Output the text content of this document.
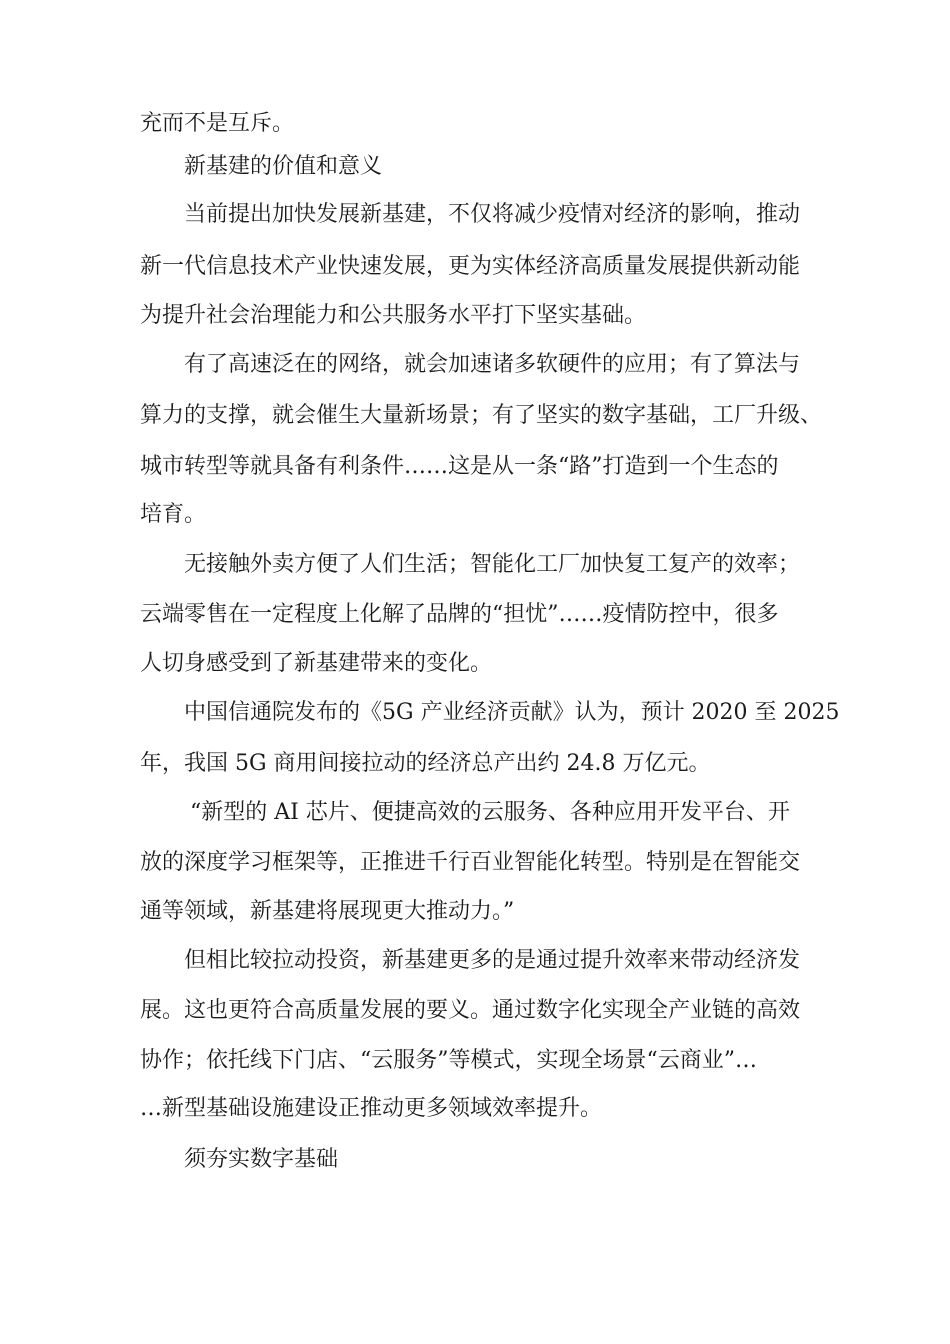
充而不是互斥。
新基建的价值和意义
当前提出加快发展新基建，不仅将减少疫情对经济的影响，推动
新一代信息技术产业快速发展，更为实体经济高质量发展提供新动能
为提升社会治理能力和公共服务水平打下坚实基础。
有了高速泛在的网络，就会加速诸多软硬件的应用；有了算法与
算力的支撑，就会催生大量新场景；有了坚实的数字基础，工厂升级、
城市转型等就具备有利条件……这是从一条“路”打造到一个生态的
培育。
无接触外卖方便了人们生活；智能化工厂加快复工复产的效率；
云端零售在一定程度上化解了品牌的“担忧”……疫情防控中，很多
人切身感受到了新基建带来的变化。
中国信通院发布的《5G 产业经济贡献》认为，预计 2020 至 2025
年，我国 5G 商用间接拉动的经济总产出约 24.8 万亿元。
“新型的 AI 芯片、便捷高效的云服务、各种应用开发平台、开
放的深度学习框架等，正推进千行百业智能化转型。特别是在智能交
通等领域，新基建将展现更大推动力。”
但相比较拉动投资，新基建更多的是通过提升效率来带动经济发
展。这也更符合高质量发展的要义。通过数字化实现全产业链的高效
协作；依托线下门店、“云服务”等模式，实现全场景“云商业”…
…新型基础设施建设正推动更多领域效率提升。
须夯实数字基础
